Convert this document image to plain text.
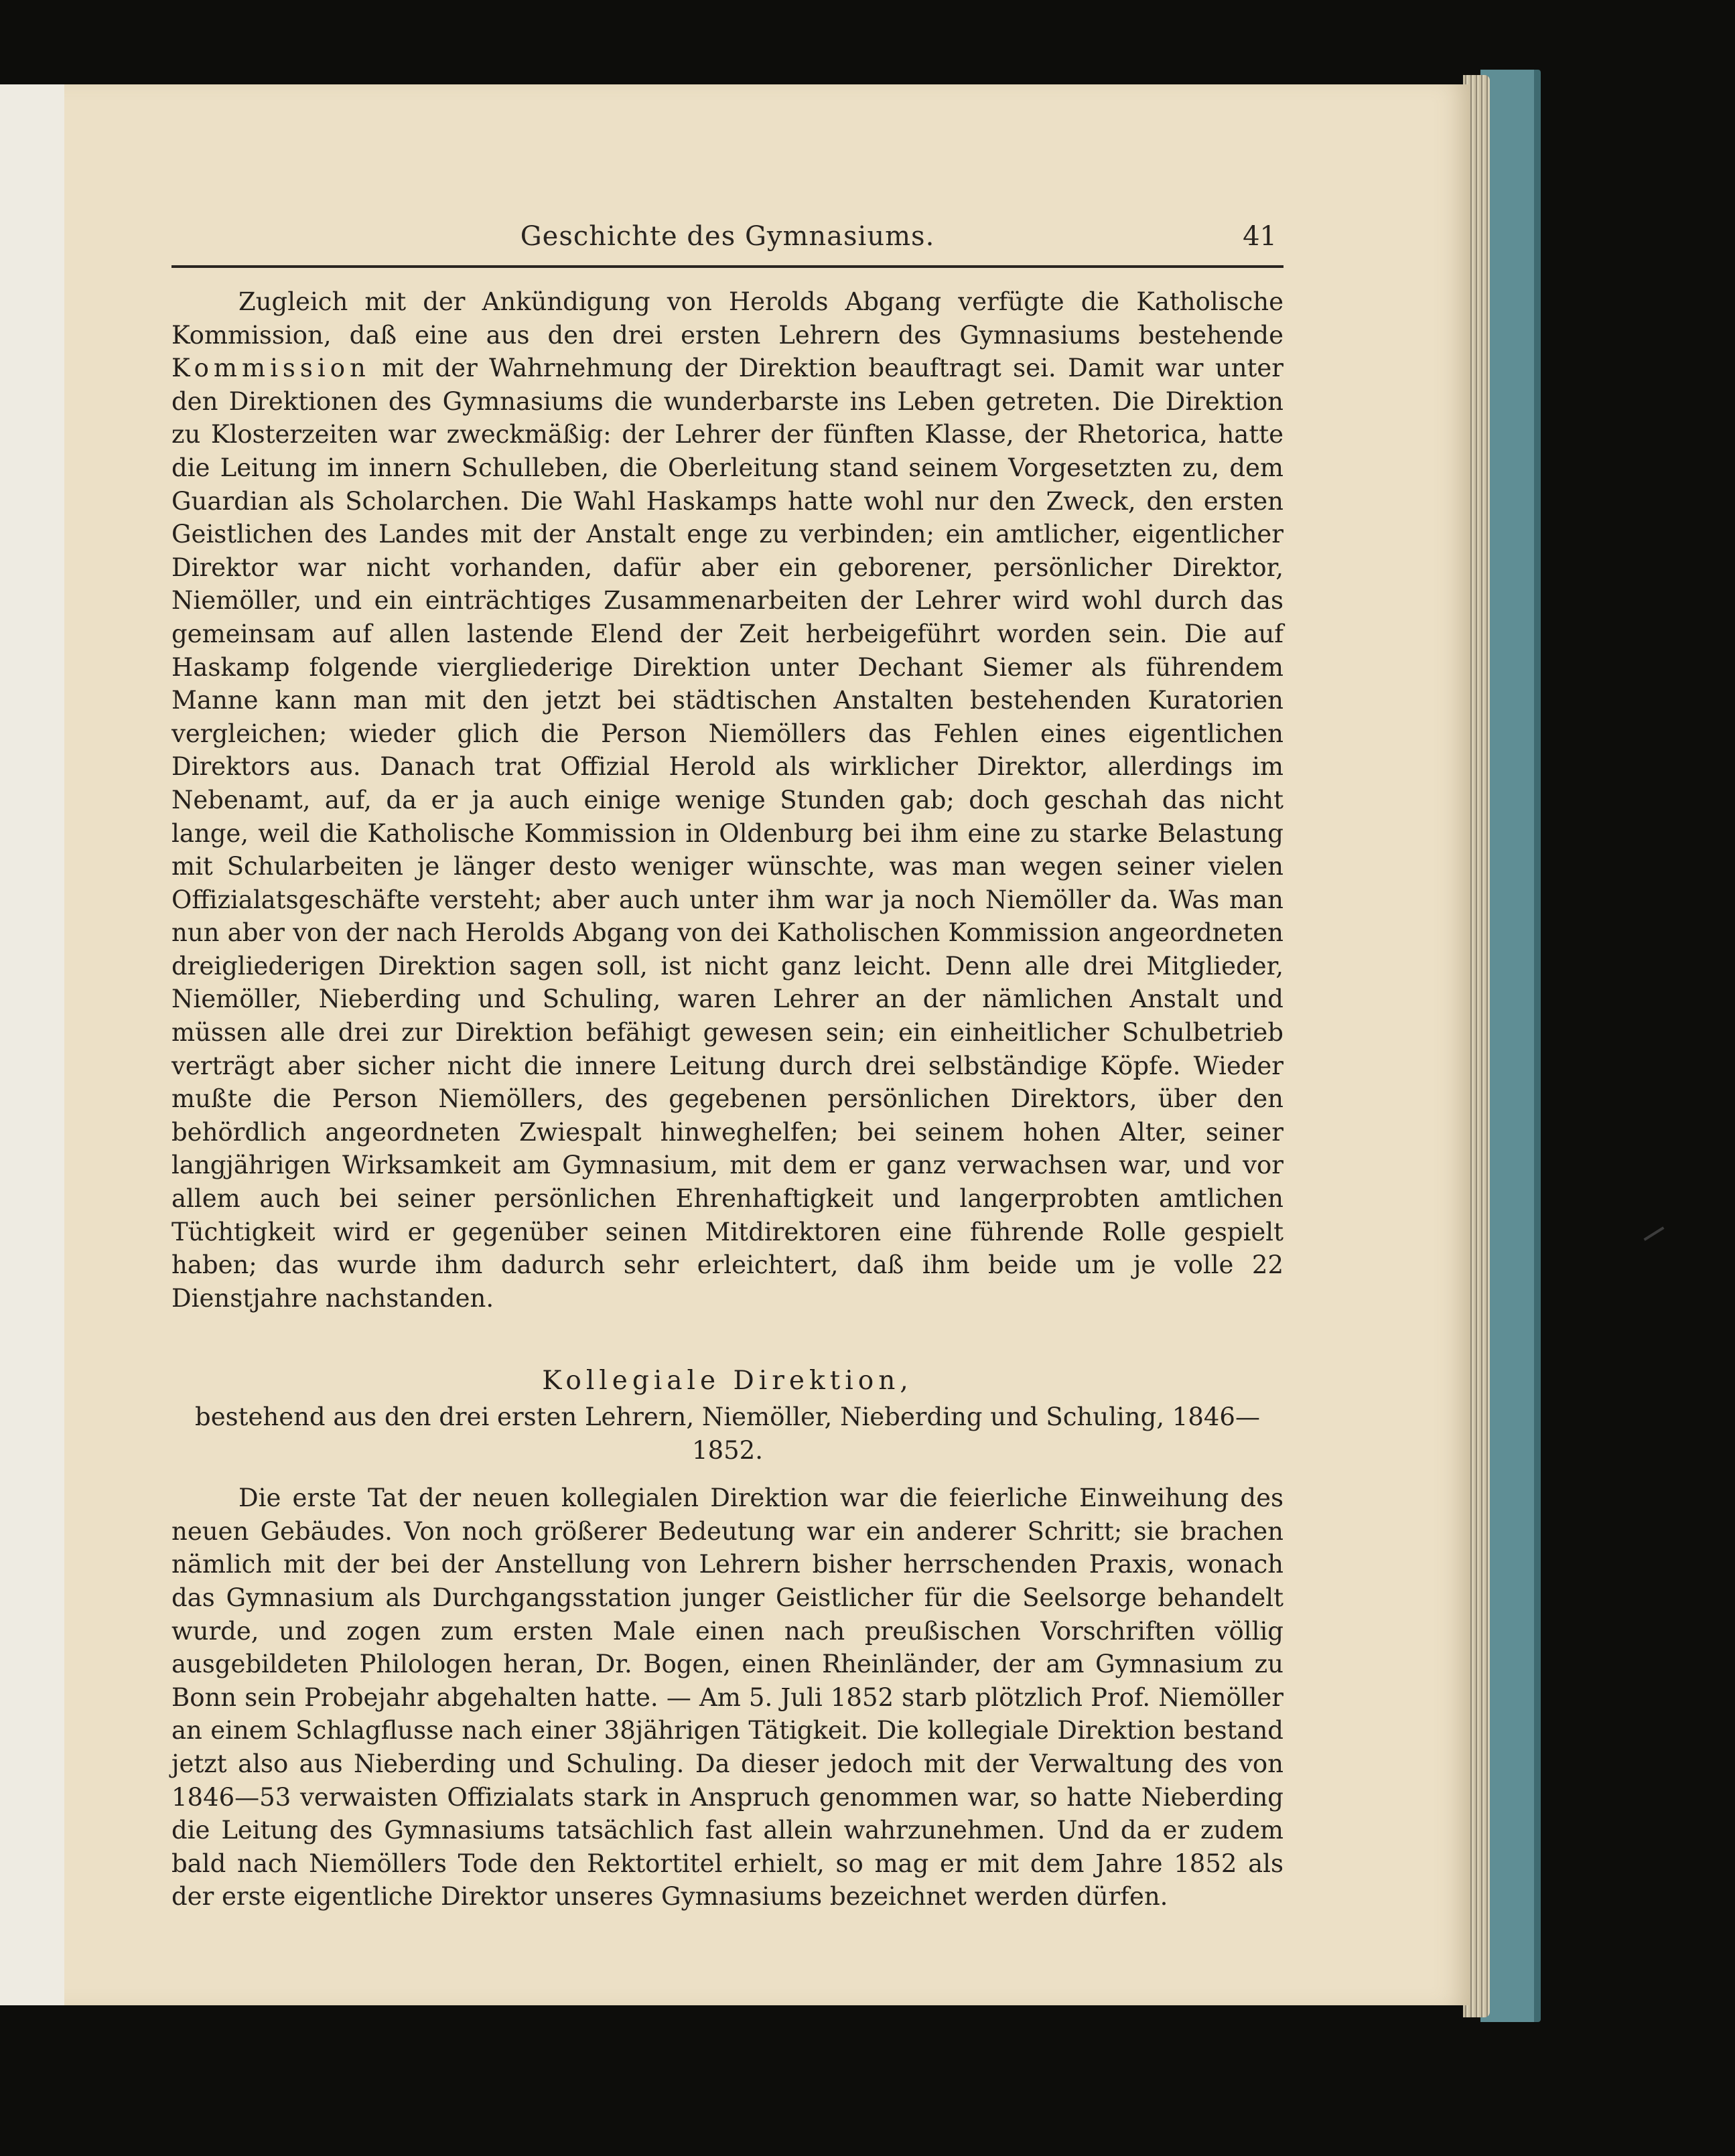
Geschichte des Gymnasiums.	41

Zugleich mit der Ankündigung von Herolds Abgang verfügte die Katholische Kommission, daß eine aus den drei ersten Lehrern des Gymnasiums bestehende Kommission mit der Wahrnehmung der Direktion beauftragt sei. Damit war unter den Direktionen des Gymnasiums die wunderbarste ins Leben getreten. Die Direktion zu Klosterzeiten war zweckmäßig: der Lehrer der fünften Klasse, der Rhetorica, hatte die Leitung im innern Schulleben, die Oberleitung stand seinem Vorgesetzten zu, dem Guardian als Scholarchen. Die Wahl Haskamps hatte wohl nur den Zweck, den ersten Geistlichen des Landes mit der Anstalt enge zu verbinden; ein amtlicher, eigentlicher Direktor war nicht vorhanden, dafür aber ein geborener, persönlicher Direktor, Niemöller, und ein einträchtiges Zusammenarbeiten der Lehrer wird wohl durch das gemeinsam auf allen lastende Elend der Zeit herbeigeführt worden sein. Die auf Haskamp folgende viergliederige Direktion unter Dechant Siemer als führendem Manne kann man mit den jetzt bei städtischen Anstalten bestehenden Kuratorien vergleichen; wieder glich die Person Niemöllers das Fehlen eines eigentlichen Direktors aus. Danach trat Offizial Herold als wirklicher Direktor, allerdings im Nebenamt, auf, da er ja auch einige wenige Stunden gab; doch geschah das nicht lange, weil die Katholische Kommission in Oldenburg bei ihm eine zu starke Belastung mit Schularbeiten je länger desto weniger wünschte, was man wegen seiner vielen Offizialatsgeschäfte versteht; aber auch unter ihm war ja noch Niemöller da. Was man nun aber von der nach Herolds Abgang von dei Katholischen Kommission angeordneten dreigliederigen Direktion sagen soll, ist nicht ganz leicht. Denn alle drei Mitglieder, Niemöller, Nieberding und Schuling, waren Lehrer an der nämlichen Anstalt und müssen alle drei zur Direktion befähigt gewesen sein; ein einheitlicher Schulbetrieb verträgt aber sicher nicht die innere Leitung durch drei selbständige Köpfe. Wieder mußte die Person Niemöllers, des gegebenen persönlichen Direktors, über den behördlich angeordneten Zwiespalt hinweghelfen; bei seinem hohen Alter, seiner langjährigen Wirksamkeit am Gymnasium, mit dem er ganz verwachsen war, und vor allem auch bei seiner persönlichen Ehrenhaftigkeit und langerprobten amtlichen Tüchtigkeit wird er gegenüber seinen Mitdirektoren eine führende Rolle gespielt haben; das wurde ihm dadurch sehr erleichtert, daß ihm beide um je volle 22 Dienstjahre nachstanden.

Kollegiale Direktion,
bestehend aus den drei ersten Lehrern, Niemöller, Nieberding und Schuling, 1846—1852.

Die erste Tat der neuen kollegialen Direktion war die feierliche Einweihung des neuen Gebäudes. Von noch größerer Bedeutung war ein anderer Schritt; sie brachen nämlich mit der bei der Anstellung von Lehrern bisher herrschenden Praxis, wonach das Gymnasium als Durchgangsstation junger Geistlicher für die Seelsorge behandelt wurde, und zogen zum ersten Male einen nach preußischen Vorschriften völlig ausgebildeten Philologen heran, Dr. Bogen, einen Rheinländer, der am Gymnasium zu Bonn sein Probejahr abgehalten hatte. — Am 5. Juli 1852 starb plötzlich Prof. Niemöller an einem Schlagflusse nach einer 38jährigen Tätigkeit. Die kollegiale Direktion bestand jetzt also aus Nieberding und Schuling. Da dieser jedoch mit der Verwaltung des von 1846—53 verwaisten Offizialats stark in Anspruch genommen war, so hatte Nieberding die Leitung des Gymnasiums tatsächlich fast allein wahrzunehmen. Und da er zudem bald nach Niemöllers Tode den Rektortitel erhielt, so mag er mit dem Jahre 1852 als der erste eigentliche Direktor unseres Gymnasiums bezeichnet werden dürfen.
